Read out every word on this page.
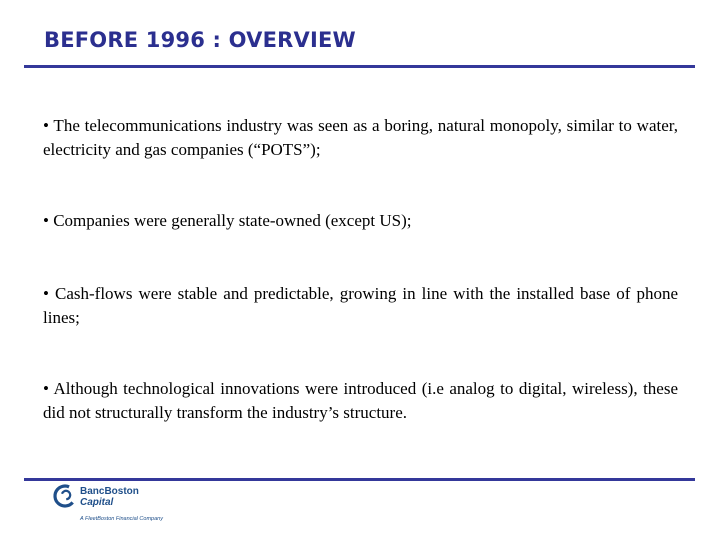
BEFORE 1996 : OVERVIEW
• The telecommunications industry was seen as a boring, natural monopoly, similar to water, electricity and gas companies (“POTS”);
• Companies were generally state-owned (except US);
• Cash-flows were stable and predictable, growing in line with the installed base of phone lines;
• Although technological innovations were introduced (i.e analog to digital, wireless), these did not structurally transform the industry’s structure.
BancBoston
Capital
A FleetBoston Financial Company
